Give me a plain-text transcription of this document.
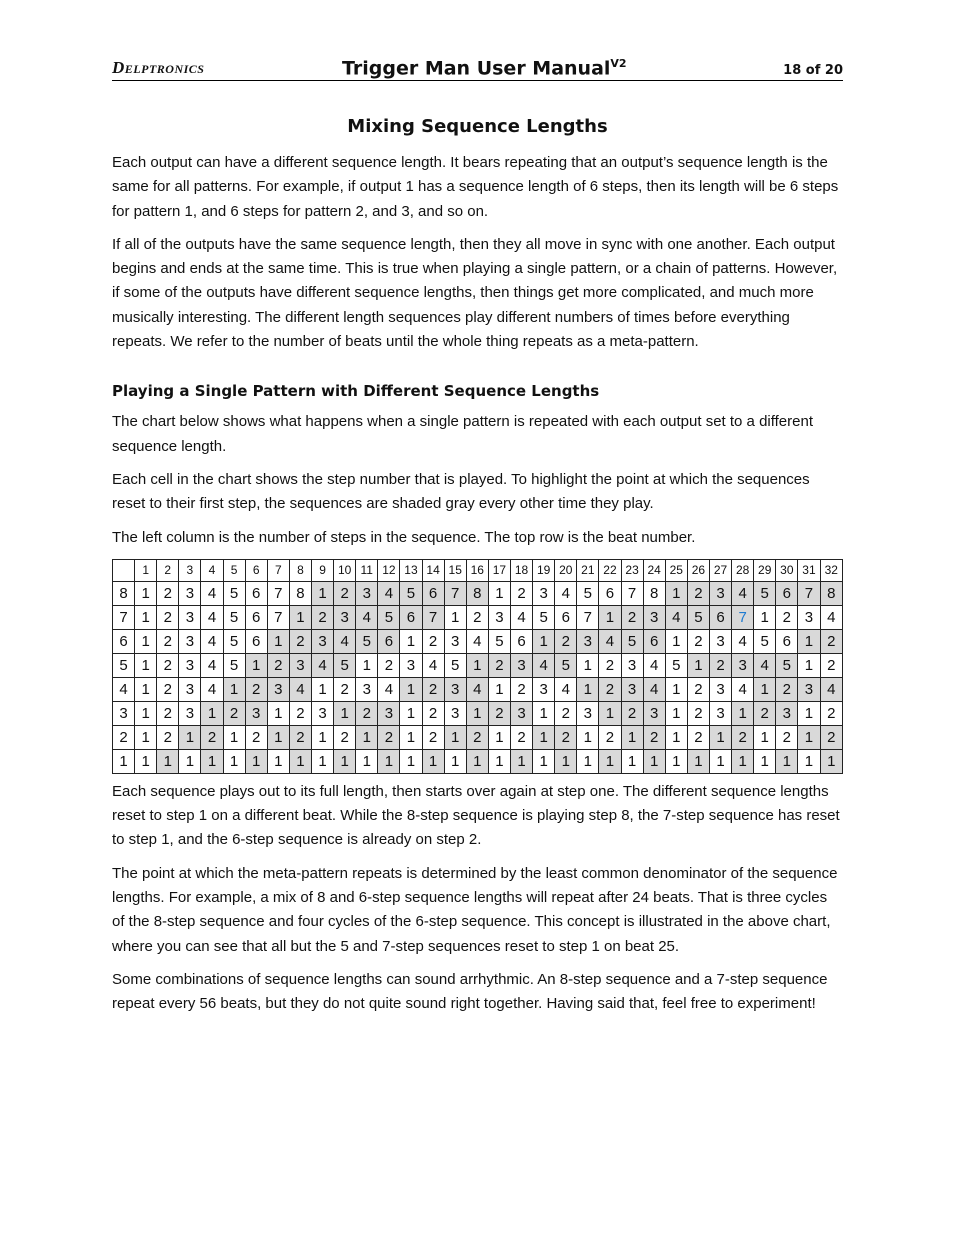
Delptronics	Trigger Man User Manual$^{V2}$	18 of 20
Mixing Sequence Lengths

Each output can have a different sequence length. It bears repeating that an output’s sequence length is the same for all patterns. For example, if output 1 has a sequence length of 6 steps, then its length will be 6 steps for pattern 1, and 6 steps for pattern 2, and 3, and so on.

If all of the outputs have the same sequence length, then they all move in sync with one another. Each output begins and ends at the same time. This is true when playing a single pattern, or a chain of patterns. However, if some of the outputs have different sequence lengths, then things get more complicated, and much more musically interesting. The different length sequences play different numbers of times before everything repeats. We refer to the number of beats until the whole thing repeats as a meta-pattern.

Playing a Single Pattern with Different Sequence Lengths

The chart below shows what happens when a single pattern is repeated with each output set to a different sequence length.

Each cell in the chart shows the step number that is played. To highlight the point at which the sequences reset to their first step, the sequences are shaded gray every other time they play.

The left column is the number of steps in the sequence. The top row is the beat number.

	1	2	3	4	5	6	7	8	9	10	11	12	13	14	15	16	17	18	19	20	21	22	23	24	25	26	27	28	29	30	31	32
8	1	2	3	4	5	6	7	8	1	2	3	4	5	6	7	8	1	2	3	4	5	6	7	8	1	2	3	4	5	6	7	8
7	1	2	3	4	5	6	7	1	2	3	4	5	6	7	1	2	3	4	5	6	7	1	2	3	4	5	6	7	1	2	3	4
6	1	2	3	4	5	6	1	2	3	4	5	6	1	2	3	4	5	6	1	2	3	4	5	6	1	2	3	4	5	6	1	2
5	1	2	3	4	5	1	2	3	4	5	1	2	3	4	5	1	2	3	4	5	1	2	3	4	5	1	2	3	4	5	1	2
4	1	2	3	4	1	2	3	4	1	2	3	4	1	2	3	4	1	2	3	4	1	2	3	4	1	2	3	4	1	2	3	4
3	1	2	3	1	2	3	1	2	3	1	2	3	1	2	3	1	2	3	1	2	3	1	2	3	1	2	3	1	2	3	1	2
2	1	2	1	2	1	2	1	2	1	2	1	2	1	2	1	2	1	2	1	2	1	2	1	2	1	2	1	2	1	2	1	2
1	1	1	1	1	1	1	1	1	1	1	1	1	1	1	1	1	1	1	1	1	1	1	1	1	1	1	1	1	1	1	1	1

Each sequence plays out to its full length, then starts over again at step one. The different sequence lengths reset to step 1 on a different beat. While the 8-step sequence is playing step 8, the 7-step sequence has reset to step 1, and the 6-step sequence is already on step 2.

The point at which the meta-pattern repeats is determined by the least common denominator of the sequence lengths. For example, a mix of 8 and 6-step sequence lengths will repeat after 24 beats. That is three cycles of the 8-step sequence and four cycles of the 6-step sequence. This concept is illustrated in the above chart, where you can see that all but the 5 and 7-step sequences reset to step 1 on beat 25.

Some combinations of sequence lengths can sound arrhythmic. An 8-step sequence and a 7-step sequence repeat every 56 beats, but they do not quite sound right together. Having said that, feel free to experiment!
